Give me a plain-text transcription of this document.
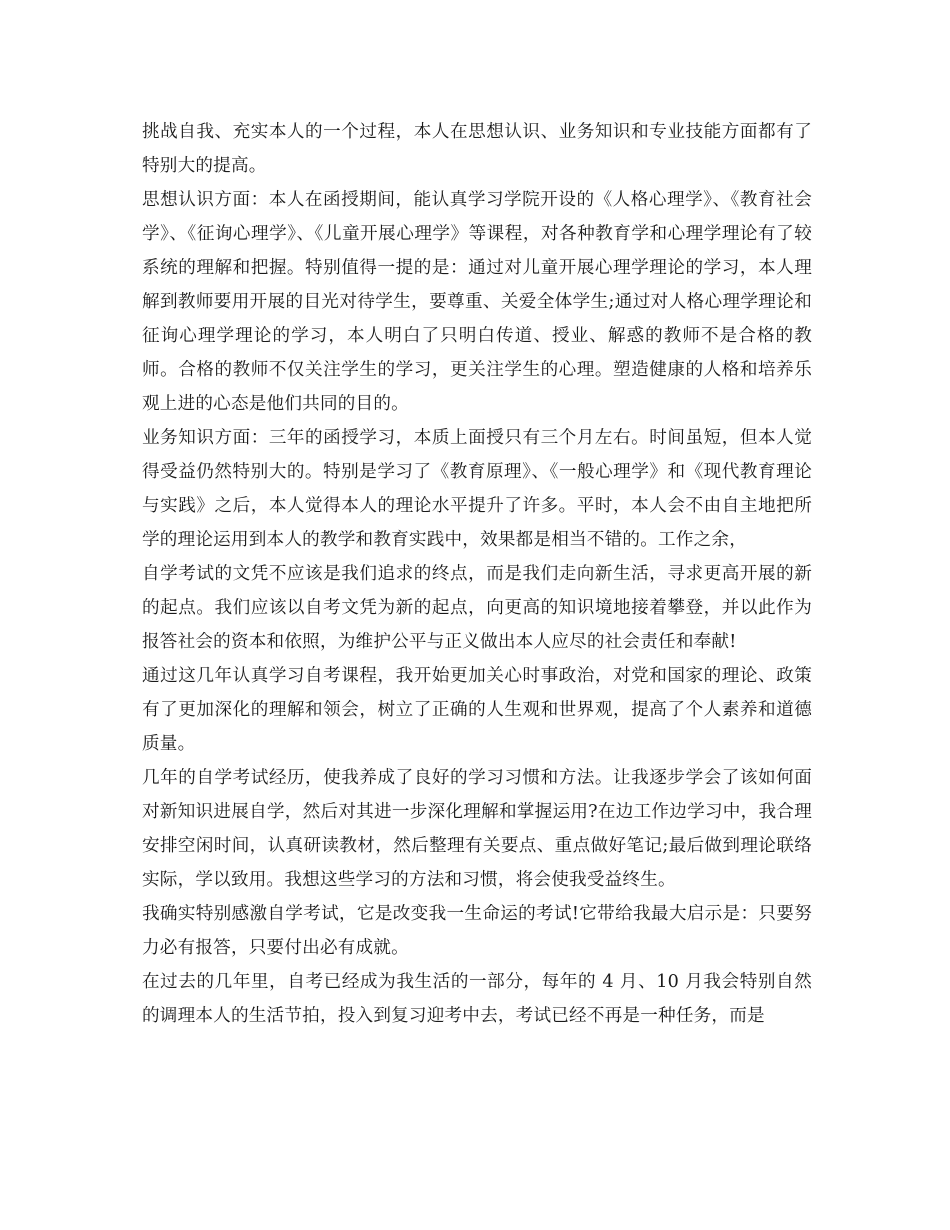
挑战自我、充实本人的一个过程，本人在思想认识、业务知识和专业技能方面都有了特别大的提高。

思想认识方面：本人在函授期间，能认真学习学院开设的《人格心理学》、《教育社会学》、《征询心理学》、《儿童开展心理学》等课程，对各种教育学和心理学理论有了较系统的理解和把握。特别值得一提的是：通过对儿童开展心理学理论的学习，本人理解到教师要用开展的目光对待学生，要尊重、关爱全体学生;通过对人格心理学理论和征询心理学理论的学习，本人明白了只明白传道、授业、解惑的教师不是合格的教师。合格的教师不仅关注学生的学习，更关注学生的心理。塑造健康的人格和培养乐观上进的心态是他们共同的目的。

业务知识方面：三年的函授学习，本质上面授只有三个月左右。时间虽短，但本人觉得受益仍然特别大的。特别是学习了《教育原理》、《一般心理学》和《现代教育理论与实践》之后，本人觉得本人的理论水平提升了许多。平时，本人会不由自主地把所学的理论运用到本人的教学和教育实践中，效果都是相当不错的。工作之余，

自学考试的文凭不应该是我们追求的终点，而是我们走向新生活，寻求更高开展的新的起点。我们应该以自考文凭为新的起点，向更高的知识境地接着攀登，并以此作为报答社会的资本和依照，为维护公平与正义做出本人应尽的社会责任和奉献!

通过这几年认真学习自考课程，我开始更加关心时事政治，对党和国家的理论、政策有了更加深化的理解和领会，树立了正确的人生观和世界观，提高了个人素养和道德质量。

几年的自学考试经历，使我养成了良好的学习习惯和方法。让我逐步学会了该如何面对新知识进展自学，然后对其进一步深化理解和掌握运用?在边工作边学习中，我合理安排空闲时间，认真研读教材，然后整理有关要点、重点做好笔记;最后做到理论联络实际，学以致用。我想这些学习的方法和习惯，将会使我受益终生。

我确实特别感激自学考试，它是改变我一生命运的考试!它带给我最大启示是：只要努力必有报答，只要付出必有成就。

在过去的几年里，自考已经成为我生活的一部分，每年的 4 月、10 月我会特别自然的调理本人的生活节拍，投入到复习迎考中去，考试已经不再是一种任务，而是
